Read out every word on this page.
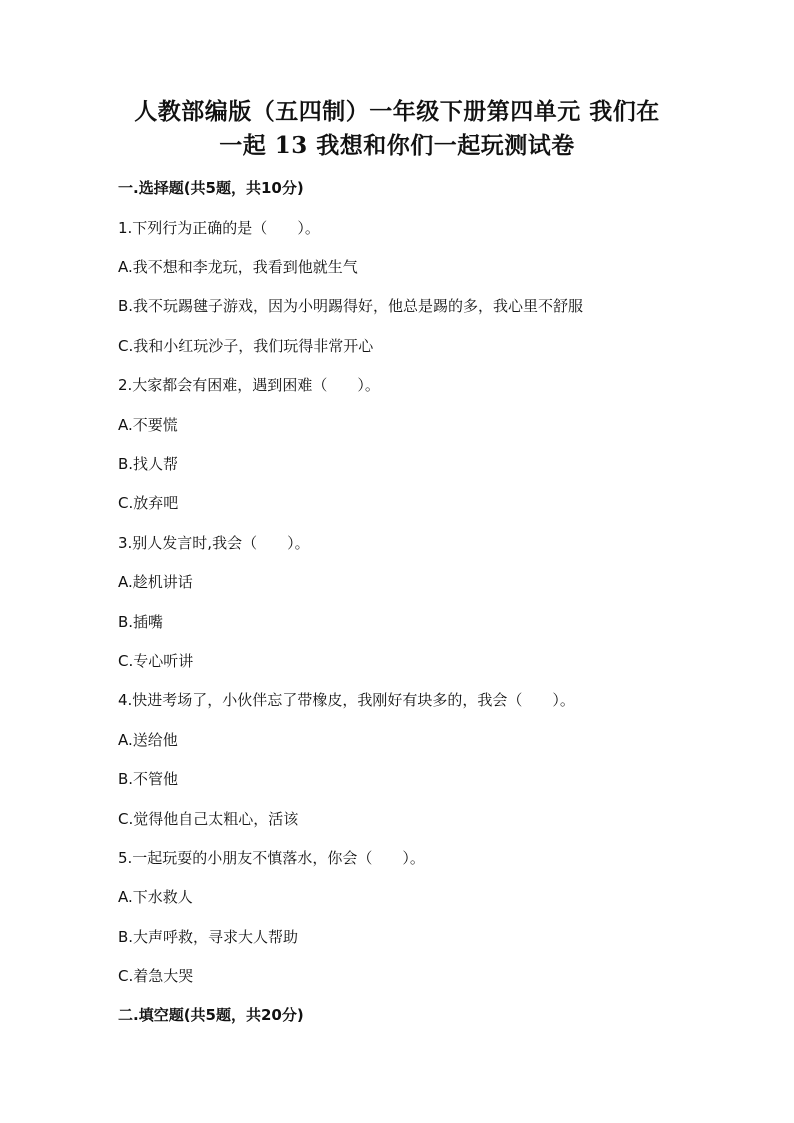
人教部编版（五四制）一年级下册第四单元 我们在
一起 13 我想和你们一起玩测试卷
一.选择题(共5题，共10分)
1.下列行为正确的是（　　）。
A.我不想和李龙玩，我看到他就生气
B.我不玩踢毽子游戏，因为小明踢得好，他总是踢的多，我心里不舒服
C.我和小红玩沙子，我们玩得非常开心
2.大家都会有困难，遇到困难（　　）。
A.不要慌
B.找人帮
C.放弃吧
3.别人发言时,我会（　　）。
A.趁机讲话
B.插嘴
C.专心听讲
4.快进考场了，小伙伴忘了带橡皮，我刚好有块多的，我会（　　）。
A.送给他
B.不管他
C.觉得他自己太粗心，活该
5.一起玩耍的小朋友不慎落水，你会（　　）。
A.下水救人
B.大声呼救，寻求大人帮助
C.着急大哭
二.填空题(共5题，共20分)
